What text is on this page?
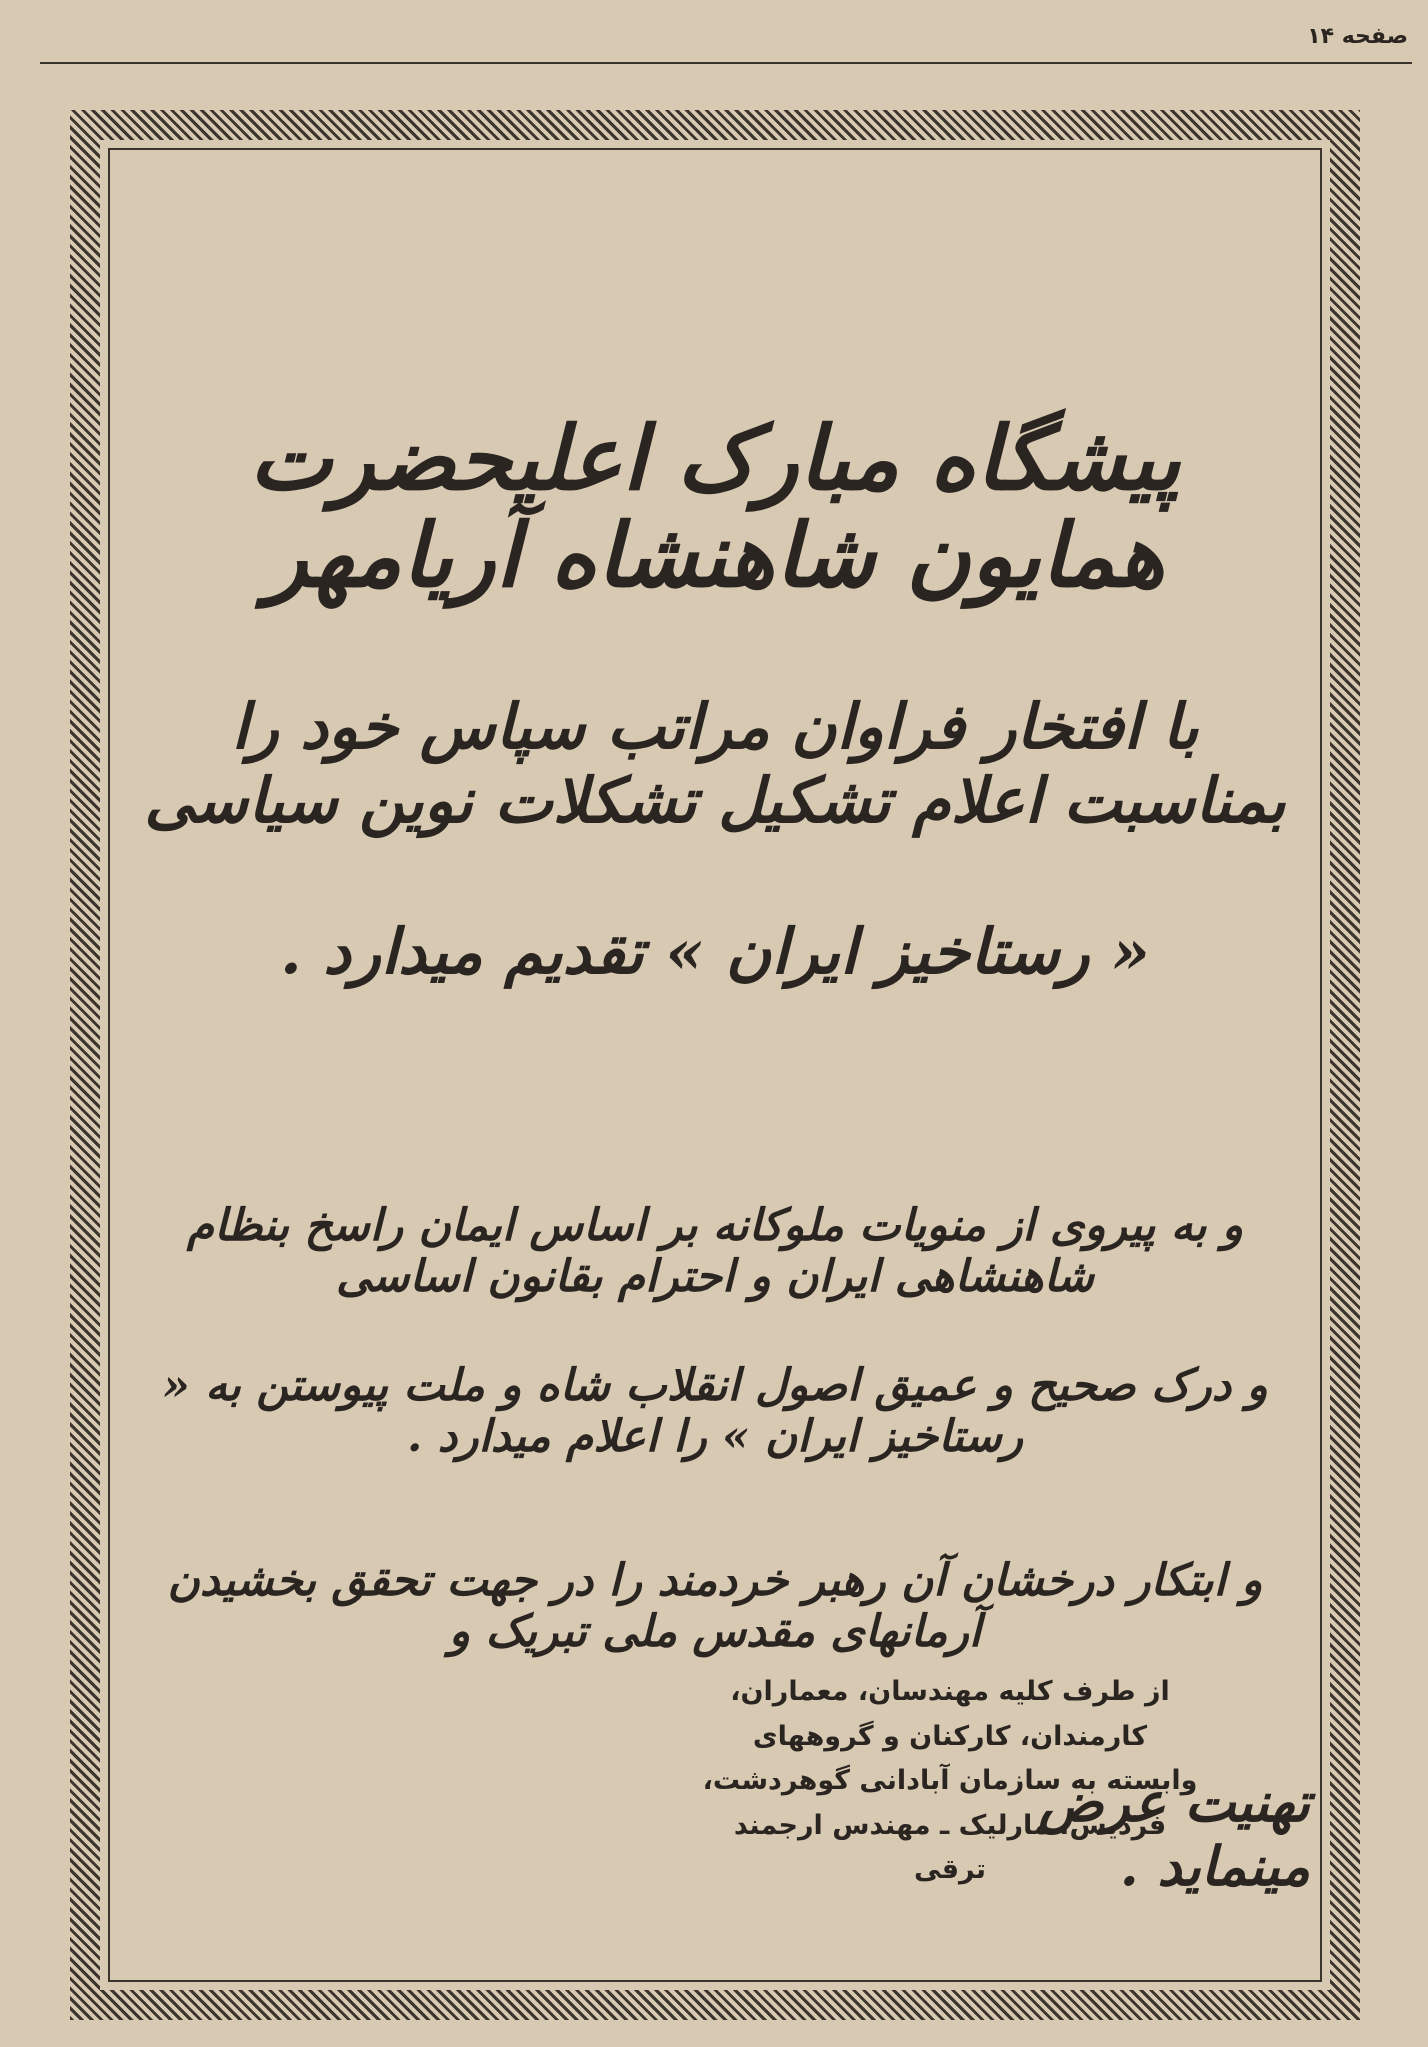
صفحه ۱۴
پیشگاه مبارک اعلیحضرت همایون شاهنشاه آریامهر
با افتخار فراوان مراتب سپاس خود را بمناسبت اعلام تشکیل تشکلات نوین سیاسی
« رستاخیز ایران » تقدیم میدارد .
و به پیروی از منویات ملوکانه بر اساس ایمان راسخ بنظام شاهنشاهی ایران و احترام بقانون اساسی
و درک صحیح و عمیق اصول انقلاب شاه و ملت پیوستن به « رستاخیز ایران » را اعلام میدارد .
و ابتکار درخشان آن رهبر خردمند را در جهت تحقق بخشیدن آرمانهای مقدس ملی تبریک و
از طرف کلیه مهندسان، معماران،
کارمندان، کارکنان و گروههای
وابسته به سازمان آبادانی گوهردشت،
فردیس، مارلیک ـ مهندس ارجمند ترقی
تهنیت عرض مینماید .
